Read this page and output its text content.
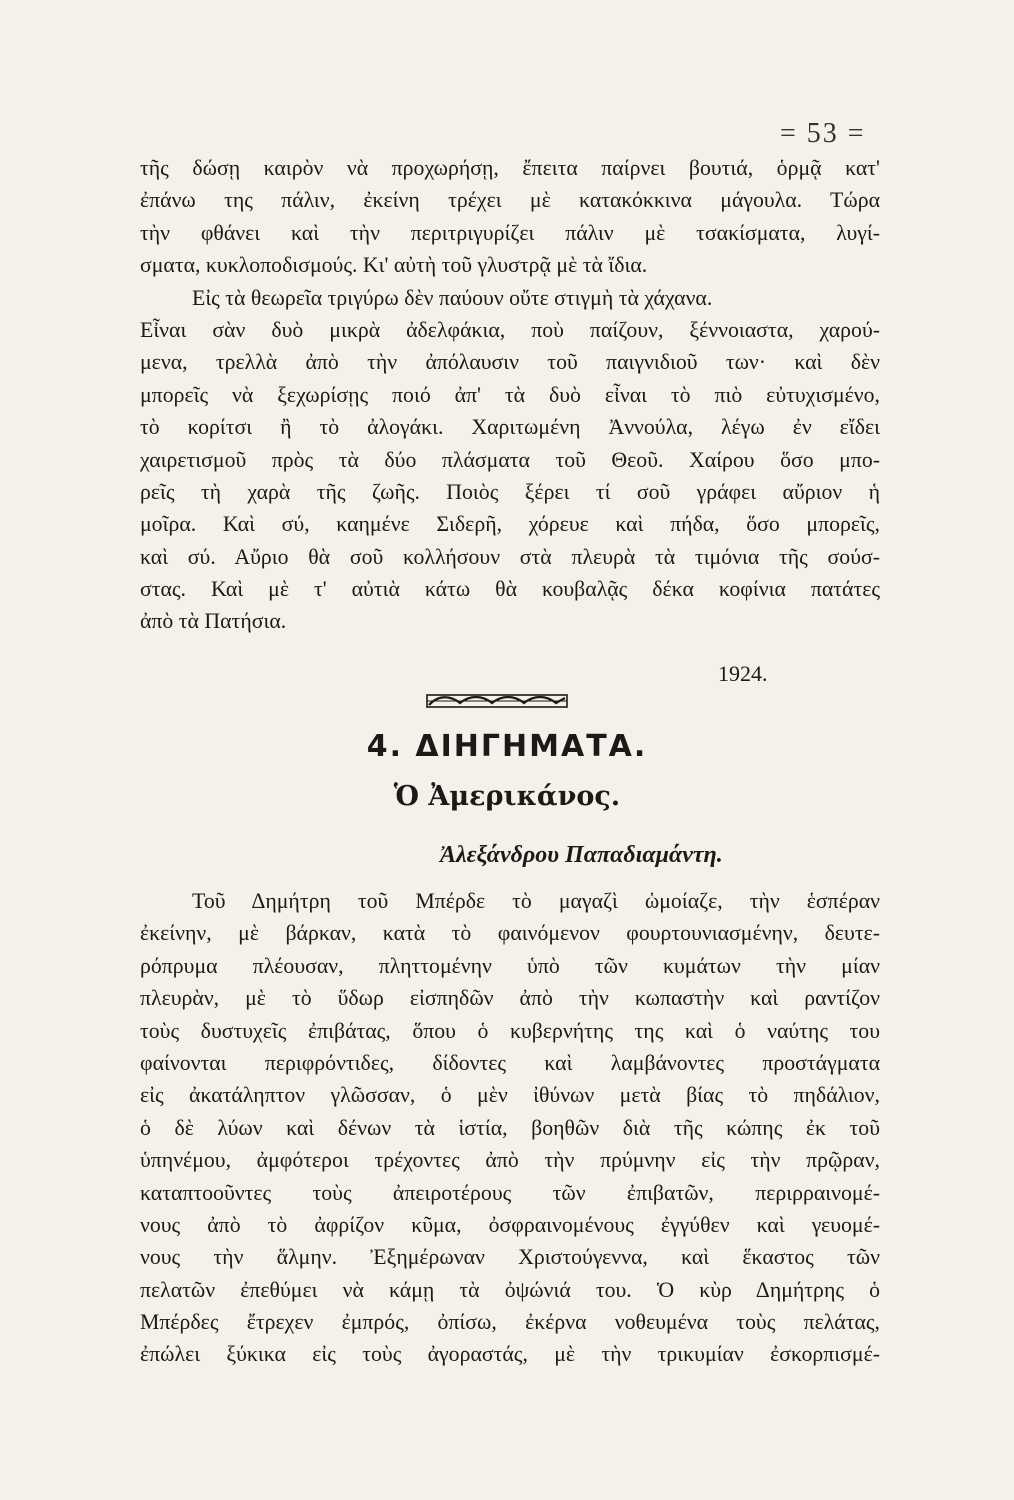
= 53 =
τῆς δώσῃ καιρὸν νὰ προχωρήσῃ, ἔπειτα παίρνει βουτιά, ὁρμᾷ κατ'
ἐπάνω της πάλιν, ἐκείνη τρέχει μὲ κατακόκκινα μάγουλα. Τώρα
τὴν φθάνει καὶ τὴν περιτριγυρίζει πάλιν μὲ τσακίσματα, λυγί-
σματα, κυκλοποδισμούς. Κι' αὐτὴ τοῦ γλυστρᾷ μὲ τὰ ἴδια.
Εἰς τὰ θεωρεῖα τριγύρω δὲν παύουν οὔτε στιγμὴ τὰ χάχανα.
Εἶναι σὰν δυὸ μικρὰ ἀδελφάκια, ποὺ παίζουν, ξέννοιαστα, χαρού-
μενα, τρελλὰ ἀπὸ τὴν ἀπόλαυσιν τοῦ παιγνιδιοῦ των· καὶ δὲν
μπορεῖς νὰ ξεχωρίσῃς ποιό ἀπ' τὰ δυὸ εἶναι τὸ πιὸ εὐτυχισμένο,
τὸ κορίτσι ἢ τὸ ἀλογάκι. Χαριτωμένη Ἀννούλα, λέγω ἐν εἴδει
χαιρετισμοῦ πρὸς τὰ δύο πλάσματα τοῦ Θεοῦ. Χαίρου ὅσο μπο-
ρεῖς τὴ χαρὰ τῆς ζωῆς. Ποιὸς ξέρει τί σοῦ γράφει αὔριον ἡ
μοῖρα. Καὶ σύ, καημένε Σιδερῆ, χόρευε καὶ πήδα, ὅσο μπορεῖς,
καὶ σύ. Αὔριο θὰ σοῦ κολλήσουν στὰ πλευρὰ τὰ τιμόνια τῆς σούσ-
στας. Καὶ μὲ τ' αὐτιὰ κάτω θὰ κουβαλᾷς δέκα κοφίνια πατάτες
ἀπὸ τὰ Πατήσια.
1924.
4. ΔΙΗΓΗΜΑΤΑ.
Ὁ Ἀμερικάνος.
Ἀλεξάνδρου Παπαδιαμάντη.
Τοῦ Δημήτρη τοῦ Μπέρδε τὸ μαγαζὶ ὡμοίαζε, τὴν ἑσπέραν
ἐκείνην, μὲ βάρκαν, κατὰ τὸ φαινόμενον φουρτουνιασμένην, δευτε-
ρόπρυμα πλέουσαν, πληττομένην ὑπὸ τῶν κυμάτων τὴν μίαν
πλευρὰν, μὲ τὸ ὕδωρ εἰσπηδῶν ἀπὸ τὴν κωπαστὴν καὶ ραντίζον
τοὺς δυστυχεῖς ἐπιβάτας, ὅπου ὁ κυβερνήτης της καὶ ὁ ναύτης του
φαίνονται περιφρόντιδες, δίδοντες καὶ λαμβάνοντες προστάγματα
εἰς ἀκατάληπτον γλῶσσαν, ὁ μὲν ἰθύνων μετὰ βίας τὸ πηδάλιον,
ὁ δὲ λύων καὶ δένων τὰ ἱστία, βοηθῶν διὰ τῆς κώπης ἐκ τοῦ
ὑπηνέμου, ἀμφότεροι τρέχοντες ἀπὸ τὴν πρύμνην εἰς τὴν πρῷραν,
καταπτοοῦντες τοὺς ἀπειροτέρους τῶν ἐπιβατῶν, περιρραινομέ-
νους ἀπὸ τὸ ἀφρίζον κῦμα, ὀσφραινομένους ἐγγύθεν καὶ γευομέ-
νους τὴν ἅλμην. Ἐξημέρωναν Χριστούγεννα, καὶ ἕκαστος τῶν
πελατῶν ἐπεθύμει νὰ κάμῃ τὰ ὀψώνιά του. Ὁ κὺρ Δημήτρης ὁ
Μπέρδες ἔτρεχεν ἐμπρός, ὀπίσω, ἐκέρνα νοθευμένα τοὺς πελάτας,
ἐπώλει ξύκικα εἰς τοὺς ἀγοραστάς, μὲ τὴν τρικυμίαν ἐσκορπισμέ-
